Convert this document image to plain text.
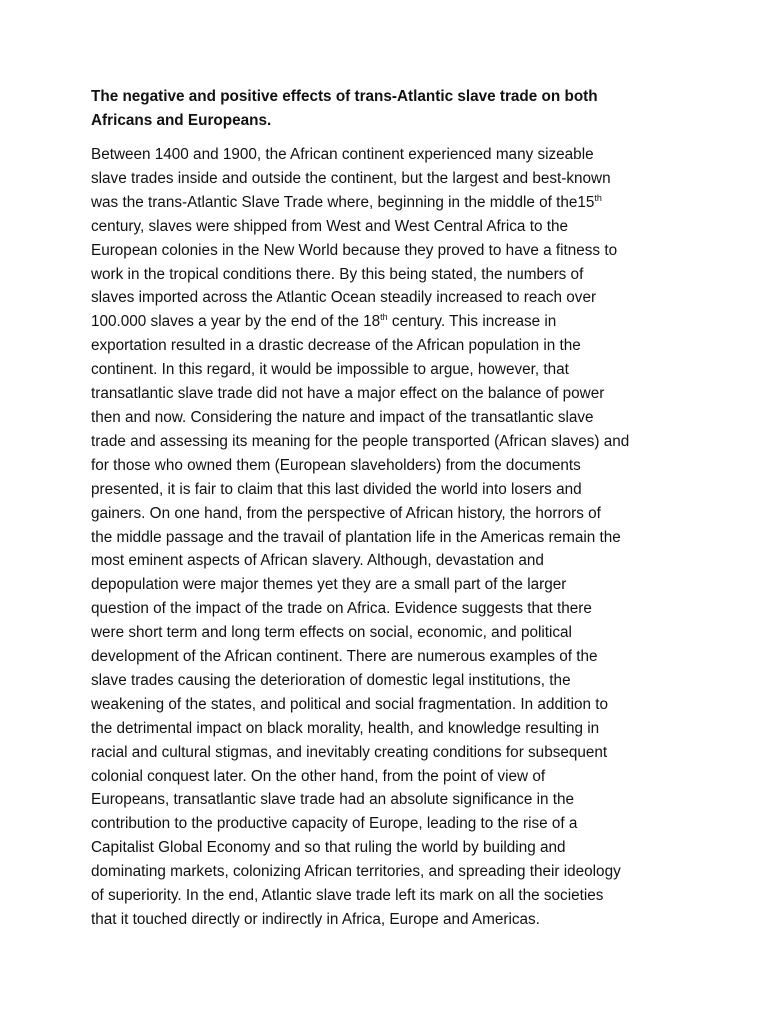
The negative and positive effects of trans-Atlantic slave trade on both
Africans and Europeans.

Between 1400 and 1900, the African continent experienced many sizeable
slave trades inside and outside the continent, but the largest and best-known
was the trans-Atlantic Slave Trade where, beginning in the middle of the15th
century, slaves were shipped from West and West Central Africa to the
European colonies in the New World because they proved to have a fitness to
work in the tropical conditions there. By this being stated, the numbers of
slaves imported across the Atlantic Ocean steadily increased to reach over
100.000 slaves a year by the end of the 18th century. This increase in
exportation resulted in a drastic decrease of the African population in the
continent. In this regard, it would be impossible to argue, however, that
transatlantic slave trade did not have a major effect on the balance of power
then and now. Considering the nature and impact of the transatlantic slave
trade and assessing its meaning for the people transported (African slaves) and
for those who owned them (European slaveholders) from the documents
presented, it is fair to claim that this last divided the world into losers and
gainers. On one hand, from the perspective of African history, the horrors of
the middle passage and the travail of plantation life in the Americas remain the
most eminent aspects of African slavery. Although, devastation and
depopulation were major themes yet they are a small part of the larger
question of the impact of the trade on Africa. Evidence suggests that there
were short term and long term effects on social, economic, and political
development of the African continent. There are numerous examples of the
slave trades causing the deterioration of domestic legal institutions, the
weakening of the states, and political and social fragmentation. In addition to
the detrimental impact on black morality, health, and knowledge resulting in
racial and cultural stigmas, and inevitably creating conditions for subsequent
colonial conquest later. On the other hand, from the point of view of
Europeans, transatlantic slave trade had an absolute significance in the
contribution to the productive capacity of Europe, leading to the rise of a
Capitalist Global Economy and so that ruling the world by building and
dominating markets, colonizing African territories, and spreading their ideology
of superiority. In the end, Atlantic slave trade left its mark on all the societies
that it touched directly or indirectly in Africa, Europe and Americas.
